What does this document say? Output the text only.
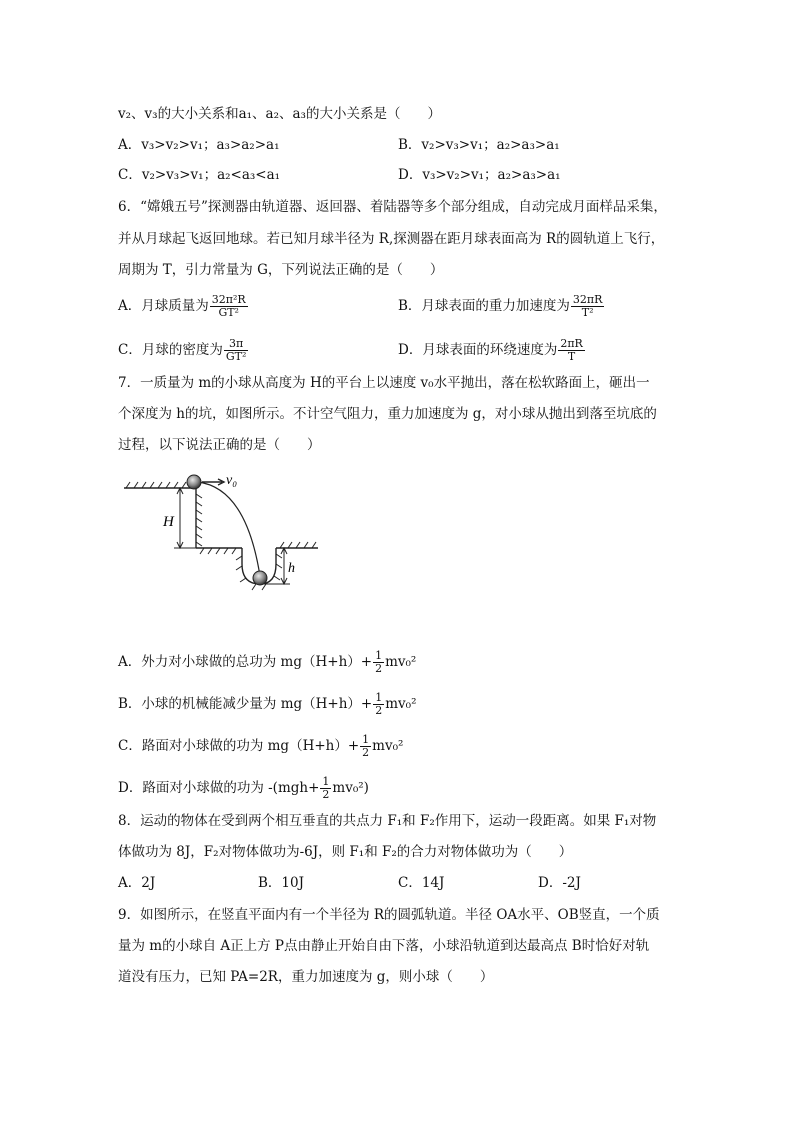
v₂、v₃的大小关系和a₁、a₂、a₃的大小关系是（　　）
A．v₃>v₂>v₁；a₃>a₂>a₁	B．v₂>v₃>v₁；a₂>a₃>a₁
C．v₂>v₃>v₁；a₂<a₃<a₁	D．v₃>v₂>v₁；a₂>a₃>a₁
6．“嫦娥五号”探测器由轨道器、返回器、着陆器等多个部分组成，自动完成月面样品采集，
并从月球起飞返回地球。若已知月球半径为 R,探测器在距月球表面高为 R的圆轨道上飞行，
周期为 T，引力常量为 G，下列说法正确的是（　　）
A．月球质量为 $\frac{\text{32π²R}}{\text{GT²}}$	B．月球表面的重力加速度为 $\frac{32\pi R}{\text{T²}}$
C．月球的密度为 $\frac{3\pi}{\text{GT²}}$	D．月球表面的环绕速度为 $\frac{2\pi R}{T}$
7．一质量为 m的小球从高度为 H的平台上以速度 v₀水平抛出，落在松软路面上，砸出一
个深度为 h的坑，如图所示。不计空气阻力，重力加速度为 g，对小球从抛出到落至坑底的
过程，以下说法正确的是（　　）
v₀
H
h
A．外力对小球做的总功为 $mg(H+h)+ \frac{1}{2} mv_0^2$
B．小球的机械能减少量为 $mg(H+h)+ \frac{1}{2} mv_0^2$
C．路面对小球做的功为 $mg(H+h)+ \frac{1}{2} mv_0^2$
D．路面对小球做的功为 $-(mgh+ \frac{1}{2} mv_0^2)$
8．运动的物体在受到两个相互垂直的共点力 F₁和 F₂作用下，运动一段距离。如果 F₁对物
体做功为 8J，F₂对物体做功为-6J，则 F₁和 F₂的合力对物体做功为（　　）
A．2J	B．10J	C．14J	D．-2J
9．如图所示，在竖直平面内有一个半径为 R的圆弧轨道。半径 OA水平、OB竖直，一个质
量为 m的小球自 A正上方 P点由静止开始自由下落，小球沿轨道到达最高点 B时恰好对轨
道没有压力，已知 PA=2R，重力加速度为 g，则小球（　　）
